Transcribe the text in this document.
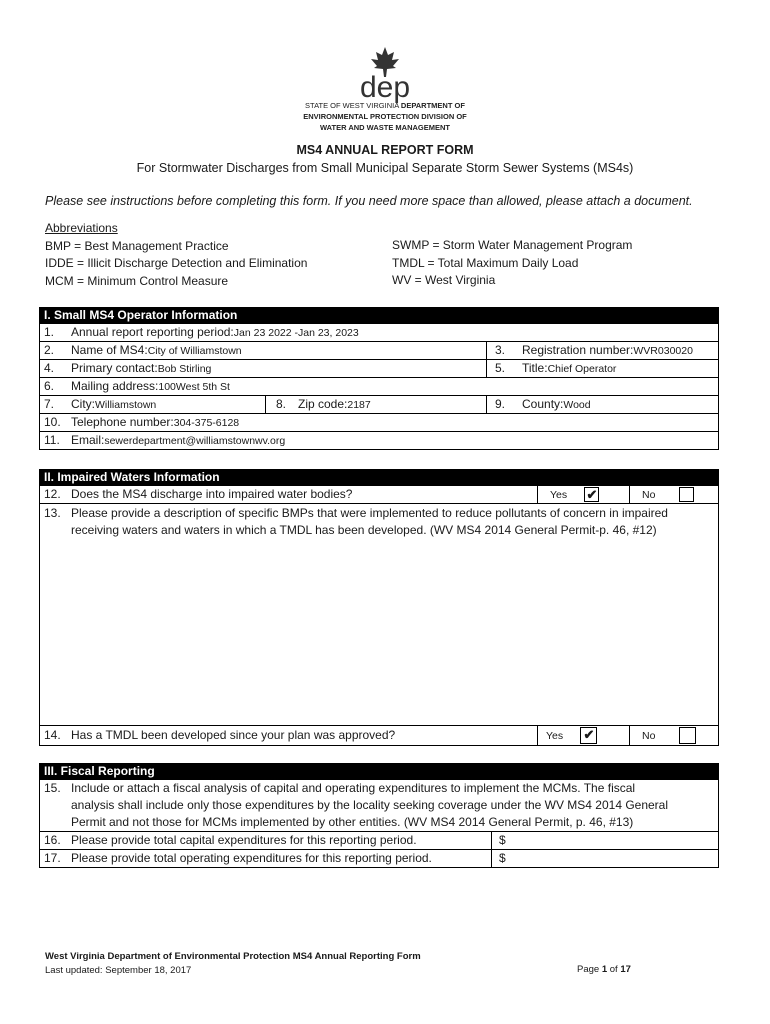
dep
STATE OF WEST VIRGINIA DEPARTMENT OF
ENVIRONMENTAL PROTECTION DIVISION OF
WATER AND WASTE MANAGEMENT
MS4 ANNUAL REPORT FORM
For Stormwater Discharges from Small Municipal Separate Storm Sewer Systems (MS4s)
Please see instructions before completing this form. If you need more space than allowed, please attach a document.
Abbreviations
BMP = Best Management Practice
IDDE = Illicit Discharge Detection and Elimination
MCM = Minimum Control Measure
SWMP = Storm Water Management Program
TMDL = Total Maximum Daily Load
WV = West Virginia
I. Small MS4 Operator Information
1. Annual report reporting period:Jan 23 2022 -Jan 23, 2023
2. Name of MS4:City of Williamstown	3. Registration number:WVR030020
4. Primary contact:Bob Stirling	5. Title:Chief Operator
6. Mailing address:100West 5th St
7. City:Williamstown	8. Zip code:2187	9. County:Wood
10. Telephone number:304-375-6128
11. Email:sewerdepartment@williamstownwv.org
II. Impaired Waters Information
12. Does the MS4 discharge into impaired water bodies?	Yes ✔	No
13. Please provide a description of specific BMPs that were implemented to reduce pollutants of concern in impaired
receiving waters and waters in which a TMDL has been developed. (WV MS4 2014 General Permit-p. 46, #12)
14. Has a TMDL been developed since your plan was approved?	Yes ✔	No
III. Fiscal Reporting
15. Include or attach a fiscal analysis of capital and operating expenditures to implement the MCMs. The fiscal
analysis shall include only those expenditures by the locality seeking coverage under the WV MS4 2014 General
Permit and not those for MCMs implemented by other entities. (WV MS4 2014 General Permit, p. 46, #13)
16. Please provide total capital expenditures for this reporting period.	$
17. Please provide total operating expenditures for this reporting period.	$
West Virginia Department of Environmental Protection MS4 Annual Reporting Form
Last updated: September 18, 2017	Page 1 of 17
